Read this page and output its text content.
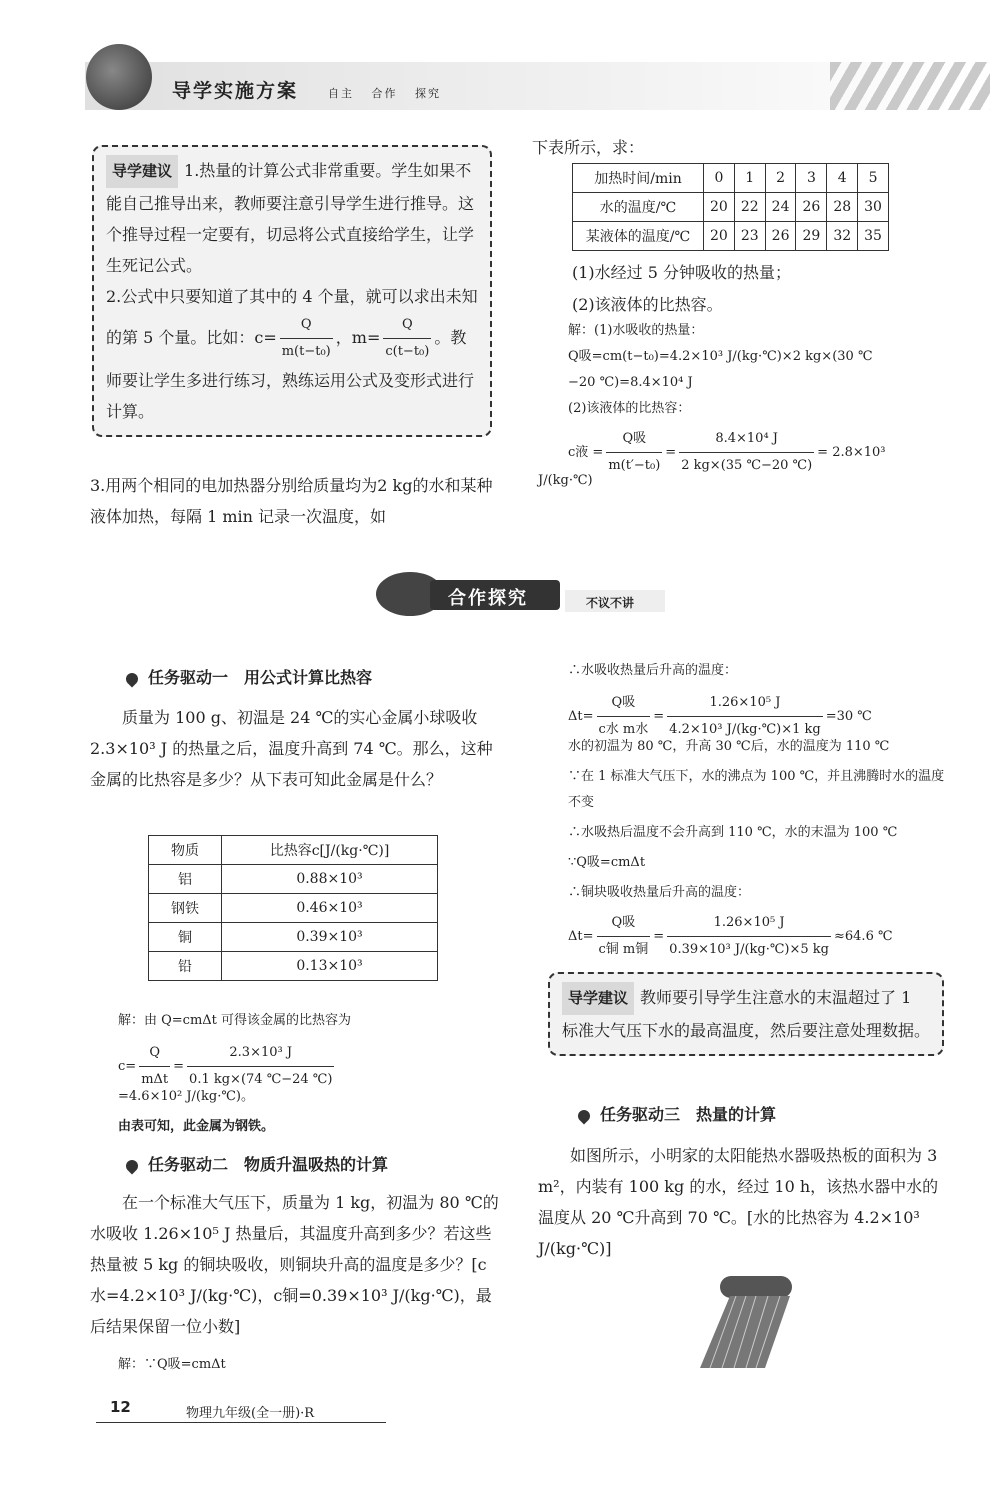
导学实施方案	自主 合作 探究
导学建议 1.热量的计算公式非常重要。学生如果不能自己推导出来，教师要注意引导学生进行推导。这个推导过程一定要有，切忌将公式直接给学生，让学生死记公式。
2.公式中只要知道了其中的 4 个量，就可以求出未知的第 5 个量。比如：$c= \frac{Q}{\text{m(t−t₀)}}$ ，$m= \frac{Q}{\text{c(t−t₀)}}$ 。教师要让学生多进行练习，熟练运用公式及变形式进行计算。
3.用两个相同的电加热器分别给质量均为2 kg的水和某种液体加热，每隔 1 min 记录一次温度，如
下表所示，求：
加热时间/min	0	1	2	3	4	5
水的温度/℃	20	22	24	26	28	30
某液体的温度/℃	20	23	26	29	32	35
(1)水经过 5 分钟吸收的热量；
(2)该液体的比热容。
解：(1)水吸收的热量：
Q吸=cm(t−t₀)=4.2×10³ J/(kg·℃)×2 kg×(30 ℃
−20 ℃)=8.4×10⁴ J
(2)该液体的比热容：
c液 = $\frac{\text{Q吸}}{\text{m(t′−t₀)}} = \frac{\text{8.4×10⁴ J}}{2 kg\times(35 ℃-20 ℃)} = 2.8\times 10^3$
J/(kg·℃)
合作探究	不议不讲
任务驱动一　用公式计算比热容
质量为 100 g、初温是 24 ℃的实心金属小球吸收 2.3×10³ J 的热量之后，温度升高到 74 ℃。那么，这种金属的比热容是多少？从下表可知此金属是什么？
物质	比热容c[J/(kg·℃)]
铝	0.88×10³
钢铁	0.46×10³
铜	0.39×10³
铅	0.13×10³
解：由 Q=cmΔt 可得该金属的比热容为
$c= \frac{Q}{\text{mΔt}} = \frac{\text{2.3×10³ J}}{0.1 kg\times(74 ℃-24 ℃)}$
=4.6×10² J/(kg·℃)。
由表可知，此金属为钢铁。
任务驱动二　物质升温吸热的计算
在一个标准大气压下，质量为 1 kg，初温为 80 ℃的水吸收 1.26×10⁵ J 热量后，其温度升高到多少？若这些热量被 5 kg 的铜块吸收，则铜块升高的温度是多少？[c水=4.2×10³ J/(kg·℃)，c铜=0.39×10³ J/(kg·℃)，最后结果保留一位小数]
解：∵Q吸=cmΔt
∴水吸收热量后升高的温度：
$\Delta t= \frac{\text{Q吸}}{\text{c水 m水}} = \frac{\text{1.26×10⁵ J}}{\text{4.2×10³ J/(kg·℃)×1 kg}} =30$ ℃
水的初温为 80 ℃，升高 30 ℃后，水的温度为 110 ℃
∵在 1 标准大气压下，水的沸点为 100 ℃，并且沸腾时水的温度不变
∴水吸热后温度不会升高到 110 ℃，水的末温为 100 ℃
∵Q吸=cmΔt
∴铜块吸收热量后升高的温度：
$\Delta t= \frac{\text{Q吸}}{\text{c铜 m铜}} = \frac{\text{1.26×10⁵ J}}{\text{0.39×10³ J/(kg·℃)×5 kg}} \approx 64.6$ ℃
导学建议 教师要引导学生注意水的末温超过了 1 标准大气压下水的最高温度，然后要注意处理数据。
任务驱动三　热量的计算
如图所示，小明家的太阳能热水器吸热板的面积为 3 m²，内装有 100 kg 的水，经过 10 h，该热水器中水的温度从 20 ℃升高到 70 ℃。[水的比热容为 4.2×10³ J/(kg·℃)]
12	物理九年级(全一册)·R
